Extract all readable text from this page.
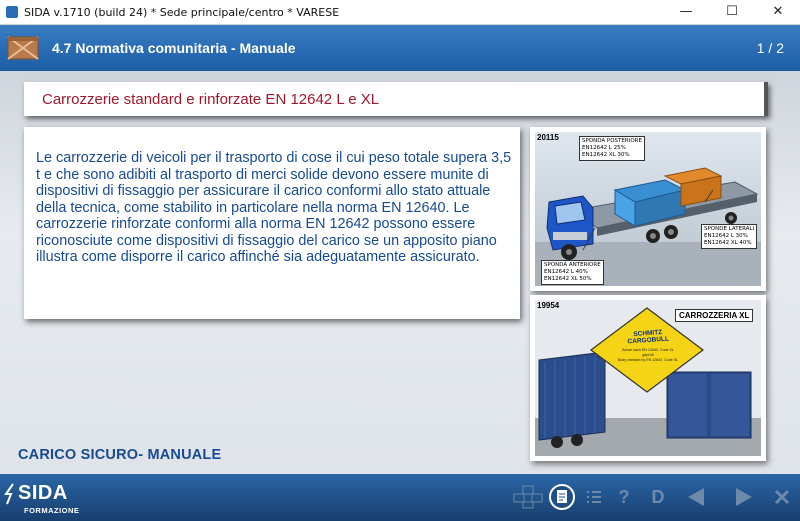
SIDA v.1710 (build 24) * Sede principale/centro * VARESE	—	☐	✕
4.7 Normativa comunitaria - Manuale	1 / 2
Carrozzerie standard e rinforzate EN 12642 L e XL

Le carrozzerie di veicoli per il trasporto di cose il cui peso totale supera 3,5 t e che sono adibiti al trasporto di merci solide devono essere munite di dispositivi di fissaggio per assicurare il carico conformi allo stato attuale della tecnica, come stabilito in particolare nella norma EN 12640. Le carrozzerie rinforzate conformi alla norma EN 12642 possono essere riconosciute come dispositivi di fissaggio del carico se un apposito piano illustra come disporre il carico affinché sia adeguatamente assicurato.

20115	SPONDA POSTERIORE
EN12642 L 25%
EN12642 XL 30%
SPONDE LATERALI
EN12642 L 30%
EN12642 XL 40%
SPONDA ANTERIORE
EN12642 L 40%
EN12642 XL 50%
19954
CARROZZERIA XL
SCHMITZ
CARGOBULL
Achse nach EN 12642, Code XL geprüft
Body checked by EN 12642, Code XL
CARICO SICURO- MANUALE
SIDA
FORMAZIONE
? D
